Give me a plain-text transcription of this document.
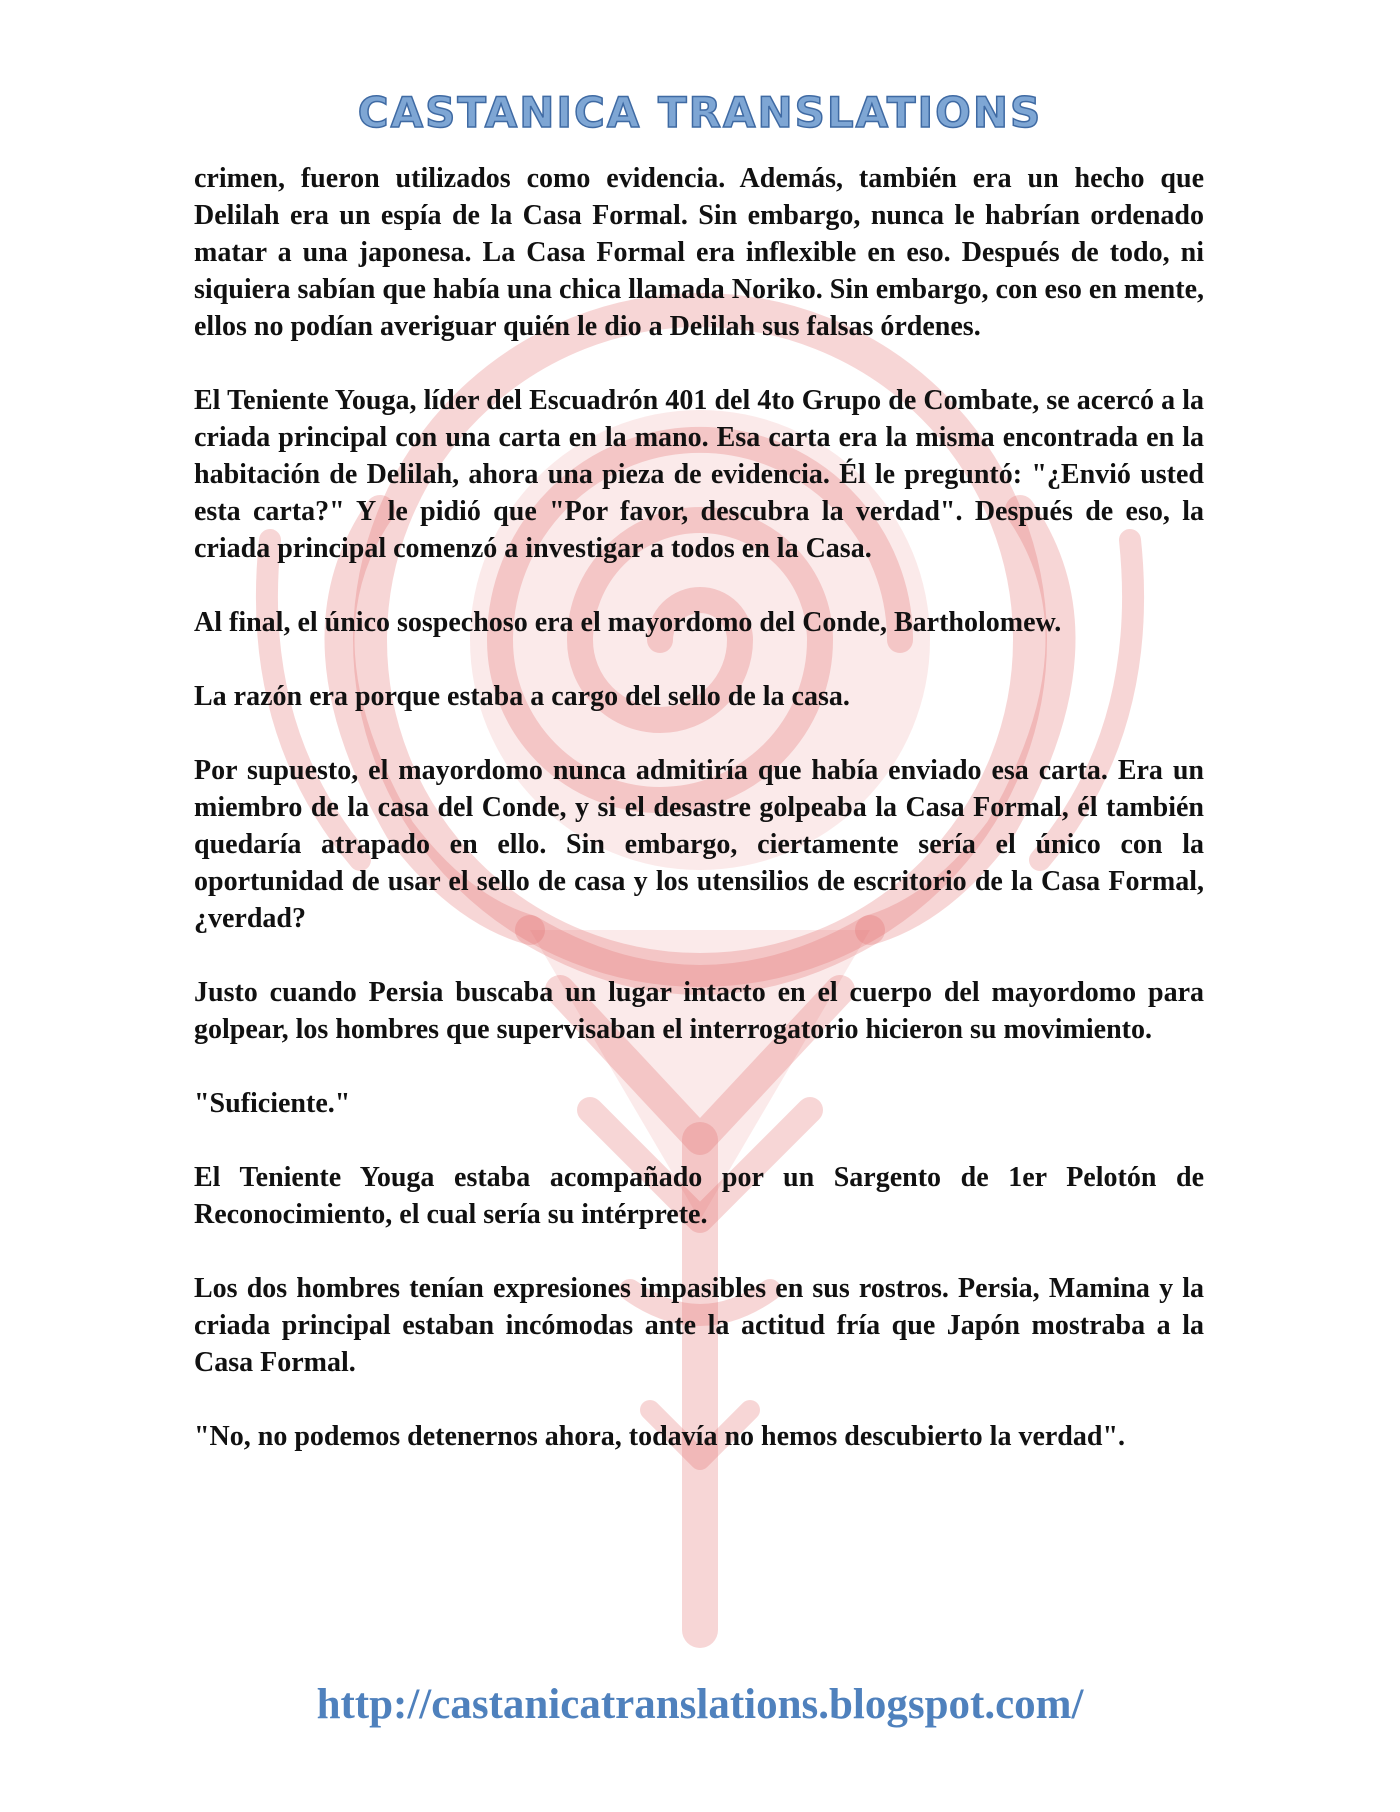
CASTANICA TRANSLATIONS

crimen, fueron utilizados como evidencia. Además, también era un hecho que Delilah era un espía de la Casa Formal. Sin embargo, nunca le habrían ordenado matar a una japonesa. La Casa Formal era inflexible en eso. Después de todo, ni siquiera sabían que había una chica llamada Noriko. Sin embargo, con eso en mente, ellos no podían averiguar quién le dio a Delilah sus falsas órdenes.

El Teniente Youga, líder del Escuadrón 401 del 4to Grupo de Combate, se acercó a la criada principal con una carta en la mano. Esa carta era la misma encontrada en la habitación de Delilah, ahora una pieza de evidencia. Él le preguntó: "¿Envió usted esta carta?" Y le pidió que "Por favor, descubra la verdad". Después de eso, la criada principal comenzó a investigar a todos en la Casa.

Al final, el único sospechoso era el mayordomo del Conde, Bartholomew.

La razón era porque estaba a cargo del sello de la casa.

Por supuesto, el mayordomo nunca admitiría que había enviado esa carta. Era un miembro de la casa del Conde, y si el desastre golpeaba la Casa Formal, él también quedaría atrapado en ello. Sin embargo, ciertamente sería el único con la oportunidad de usar el sello de casa y los utensilios de escritorio de la Casa Formal, ¿verdad?

Justo cuando Persia buscaba un lugar intacto en el cuerpo del mayordomo para golpear, los hombres que supervisaban el interrogatorio hicieron su movimiento.

"Suficiente."

El Teniente Youga estaba acompañado por un Sargento de 1er Pelotón de Reconocimiento, el cual sería su intérprete.

Los dos hombres tenían expresiones impasibles en sus rostros. Persia, Mamina y la criada principal estaban incómodas ante la actitud fría que Japón mostraba a la Casa Formal.

"No, no podemos detenernos ahora, todavía no hemos descubierto la verdad".

http://castanicatranslations.blogspot.com/
